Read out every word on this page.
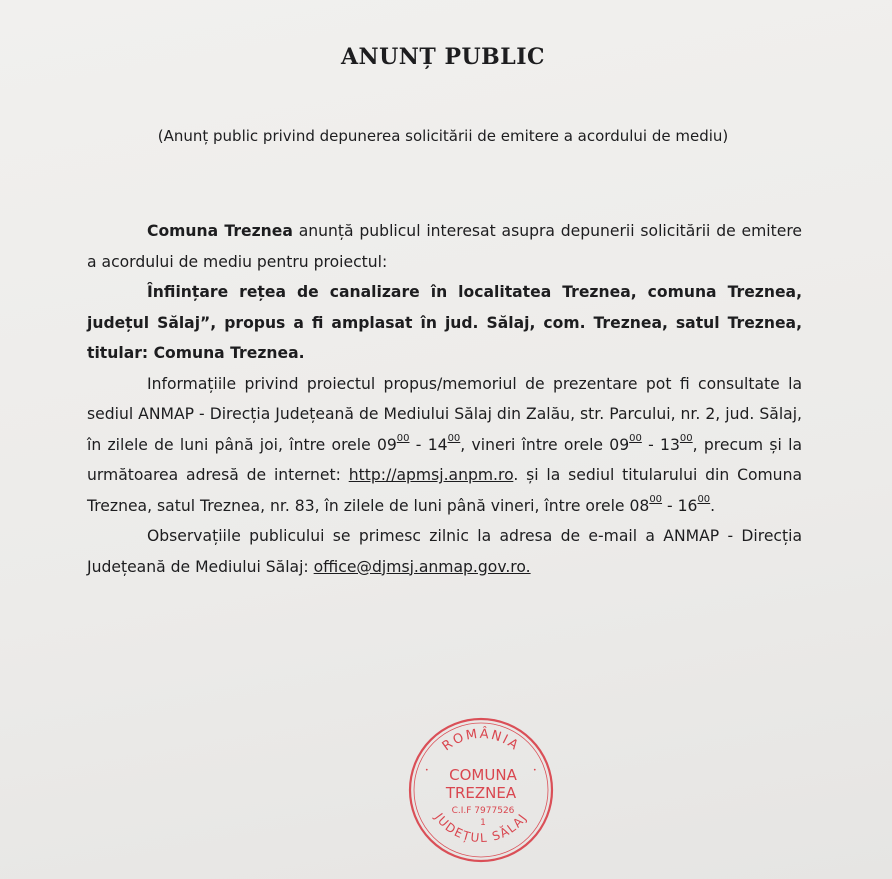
ANUNȚ PUBLIC
(Anunț public privind depunerea solicitării de emitere a acordului de mediu)

Comuna Treznea anunță publicul interesat asupra depunerii solicitării de emitere a acordului de mediu pentru proiectul:

Înființare rețea de canalizare în localitatea Treznea, comuna Treznea, județul Sălaj”, propus a fi amplasat în jud. Sălaj, com. Treznea, satul Treznea, titular: Comuna Treznea.

Informațiile privind proiectul propus/memoriul de prezentare pot fi consultate la sediul ANMAP - Direcția Județeană de Mediului Sălaj din Zalău, str. Parcului, nr. 2, jud. Sălaj, în zilele de luni până joi, între orele $09^{00} - 14^{00}$, vineri între orele $09^{00} - 13^{00}$, precum și la următoarea adresă de internet: http://apmsj.anpm.ro. și la sediul titularului din Comuna Treznea, satul Treznea, nr. 83, în zilele de luni până vineri, între orele $08^{00} - 16^{00}$.

Observațiile publicului se primesc zilnic la adresa de e-mail a ANMAP - Direcția Județeană de Mediului Sălaj: office@djmsj.anmap.gov.ro.

ROMÂNIA
JUDEȚUL SĂLAJ
•	•
COMUNA
TREZNEA
C.I.F 7977526
1
